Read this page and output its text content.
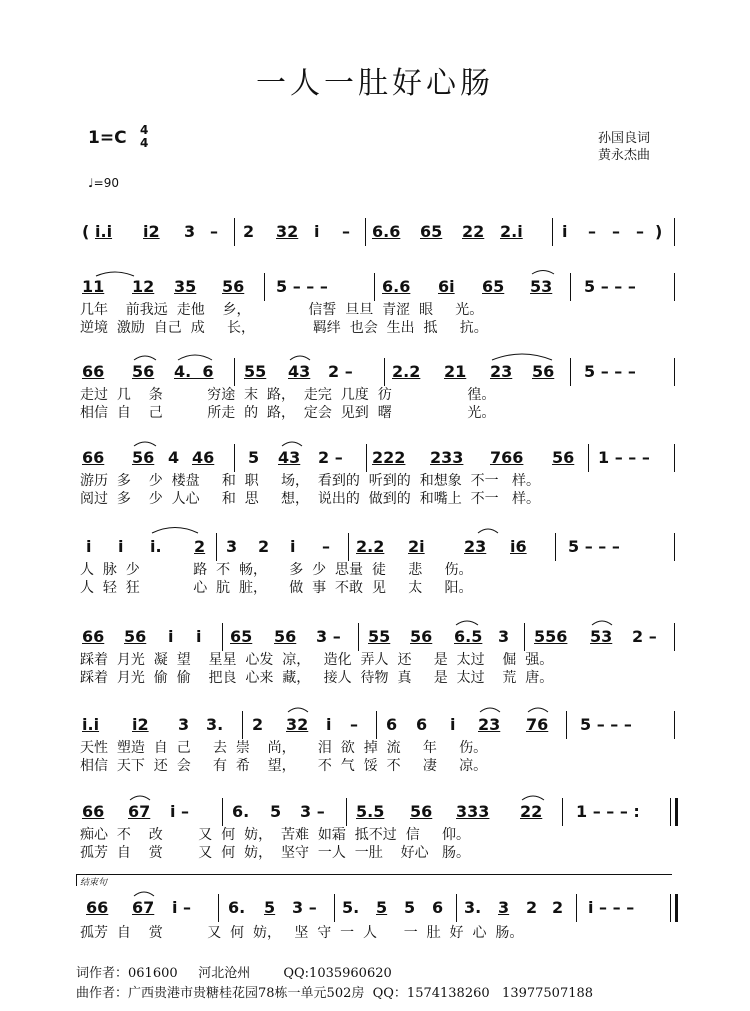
一人一肚好心肠
1=C 4
4
♩=90
孙国良词
黄永杰曲
( i.i i2 3 – 2 32 i – 6.6 65 22 2.i i – – – )
11 12 35 56 5 – – –	6.6 6i 65 53 5 – – –
几年    前我远  走他    乡，             信誓  旦旦  青涩  眼     光。
逆境  激励  自己  成     长，             羁绊  也会  生出  抵     抗。
66 56 4.  6 55 43 2 – 2.2 21 23 56 5 – – –
走过  几    条          穷途  末  路，  走完  几度  彷                 徨。
相信  自    己          所走  的  路，  定会  见到  曙                 光。
66 56 4 46 5 43 2 – 222 233 766 56 1 – – –
游历  多    少  楼盘     和  职     场，  看到的  听到的  和想象  不一   样。
阅过  多    少  人心     和  思     想，  说出的  做到的  和嘴上  不一   样。
i i i. 2 3 2 i – 2.2 2i 23 i6	5 – – –
人  脉  少            路  不  畅，     多  少  思量  徒     悲     伤。
人  轻  狂            心  肮  脏，     做  事  不敢  见     太     阳。
66 56 i i 65 56 3 – 55 56 6.5 3 556 53 2 –
踩着  月光  凝  望    星星  心发  凉，   造化  弄人  还     是  太过    倔  强。
踩着  月光  偷  偷    把良  心来  藏，   接人  待物  真     是  太过    荒  唐。
i.i i2 3 3. 2 32 i – 6 6 i 23 76 5 – – –
天性  塑造  自  己     去  崇    尚，     泪  欲  掉  流     年     伤。
相信  天下  还  会     有  希    望，     不  气  馁  不     凄     凉。
66 67 i –	6. 5 3 – 5.5 56 333 22 1 – – – :
痴心  不    改        又  何  妨，  苦难  如霜  抵不过  信     仰。
孤芳  自    赏        又  何  妨，  坚守  一人  一肚    好心   肠。
结束句
66 67 i – 6. 5 3 – 5. 5 5 6 3. 3 2 2 i – – –
孤芳  自    赏          又  何  妨，   坚  守  一  人      一  肚  好  心  肠。
词作者：061600     河北沧州        QQ:1035960620
曲作者：广西贵港市贵糖桂花园78栋一单元502房  QQ：1574138260   13977507188
